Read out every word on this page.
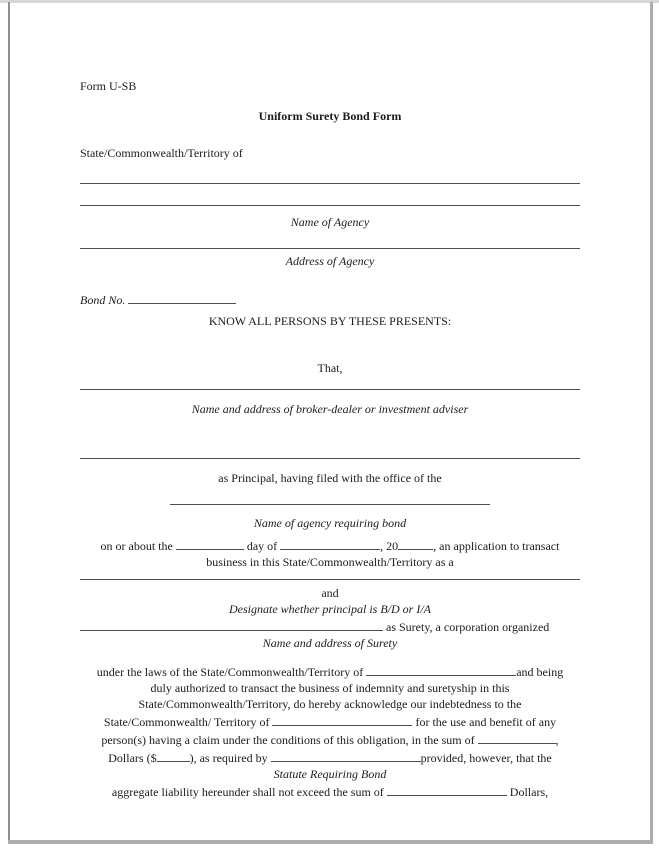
Form U-SB
Uniform Surety Bond Form
State/Commonwealth/Territory of
Name of Agency
Address of Agency
Bond No.
KNOW ALL PERSONS BY THESE PRESENTS:
That,
Name and address of broker-dealer or investment adviser
as Principal, having filed with the office of the
Name of agency requiring bond
on or about the	day of	, 20	, an application to transact
business in this State/Commonwealth/Territory as a
and
Designate whether principal is B/D or I/A
as Surety, a corporation organized
Name and address of Surety
under the laws of the State/Commonwealth/Territory of	and being
duly authorized to transact the business of indemnity and suretyship in this
State/Commonwealth/Territory, do hereby acknowledge our indebtedness to the
State/Commonwealth/ Territory of	for the use and benefit of any
person(s) having a claim under the conditions of this obligation, in the sum of	,
Dollars ($	), as required by	provided, however, that the
Statute Requiring Bond
aggregate liability hereunder shall not exceed the sum of	Dollars,
